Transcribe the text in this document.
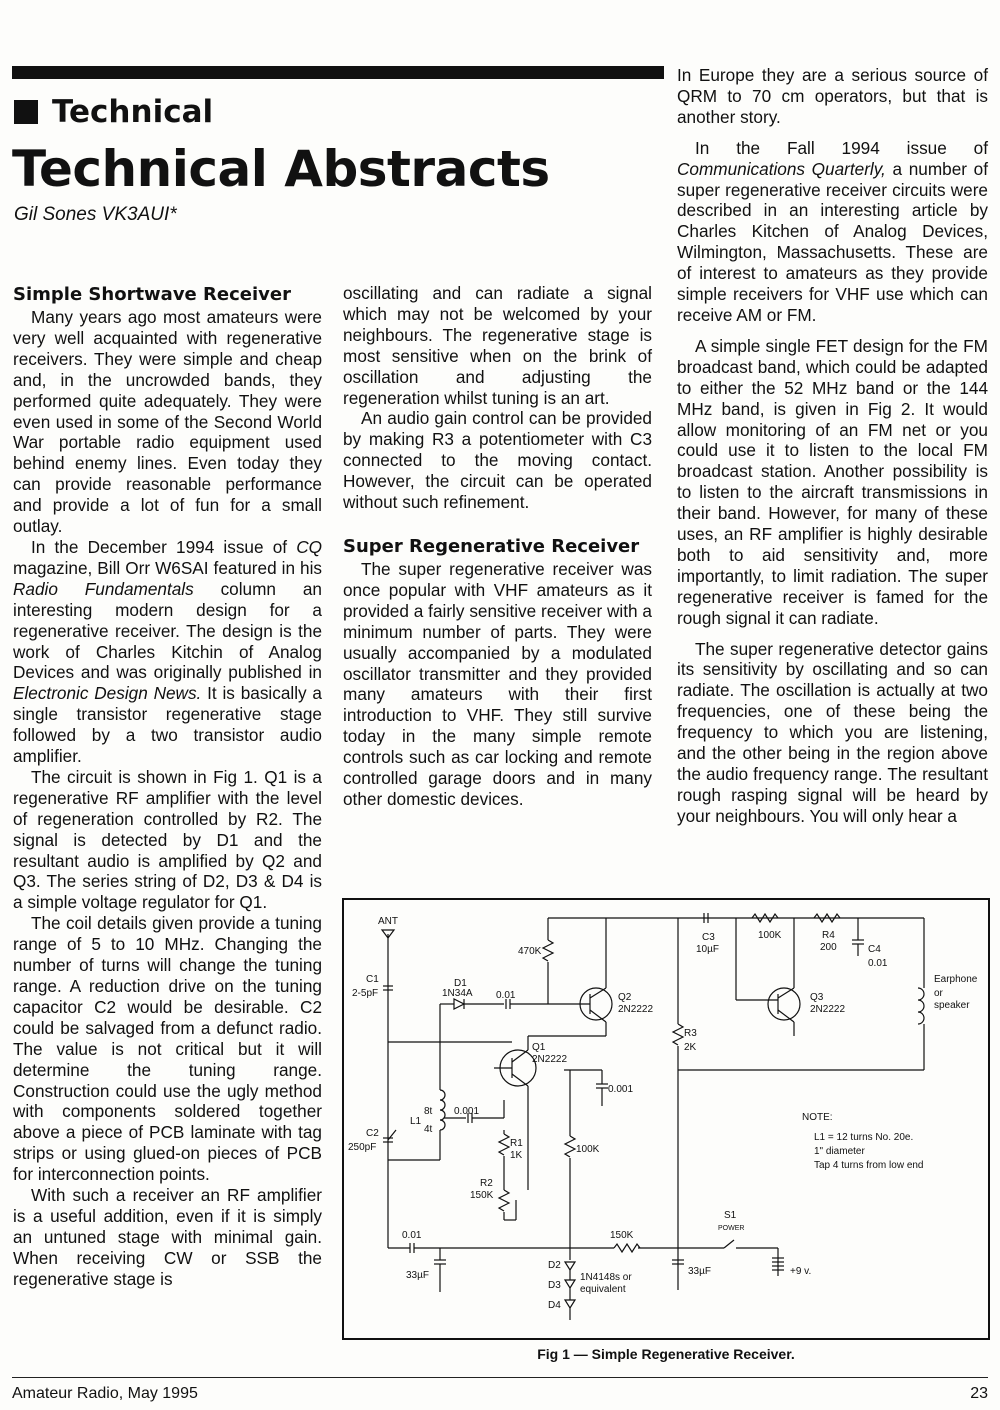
Technical
Technical Abstracts
Gil Sones VK3AUI*
Simple Shortwave Receiver

Many years ago most amateurs were very well acquainted with regenerative receivers. They were simple and cheap and, in the uncrowded bands, they performed quite adequately. They were even used in some of the Second World War portable radio equipment used behind enemy lines. Even today they can provide reasonable performance and provide a lot of fun for a small outlay.

In the December 1994 issue of CQ magazine, Bill Orr W6SAI featured in his Radio Fundamentals column an interesting modern design for a regenerative receiver. The design is the work of Charles Kitchin of Analog Devices and was originally published in Electronic Design News. It is basically a single transistor regenerative stage followed by a two transistor audio amplifier.

The circuit is shown in Fig 1. Q1 is a regenerative RF amplifier with the level of regeneration controlled by R2. The signal is detected by D1 and the resultant audio is amplified by Q2 and Q3. The series string of D2, D3 & D4 is a simple voltage regulator for Q1.

The coil details given provide a tuning range of 5 to 10 MHz. Changing the number of turns will change the tuning range. A reduction drive on the tuning capacitor C2 would be desirable. C2 could be salvaged from a defunct radio. The value is not critical but it will determine the tuning range. Construction could use the ugly method with components soldered together above a piece of PCB laminate with tag strips or using glued-on pieces of PCB for interconnection points.

With such a receiver an RF amplifier is a useful addition, even if it is simply an untuned stage with minimal gain. When receiving CW or SSB the regenerative stage is

oscillating and can radiate a signal which may not be welcomed by your neighbours. The regenerative stage is most sensitive when on the brink of oscillation and adjusting the regeneration whilst tuning is an art.

An audio gain control can be provided by making R3 a potentiometer with C3 connected to the moving contact. However, the circuit can be operated without such refinement.

Super Regenerative Receiver

The super regenerative receiver was once popular with VHF amateurs as it provided a fairly sensitive receiver with a minimum number of parts. They were usually accompanied by a modulated oscillator transmitter and they provided many amateurs with their first introduction to VHF. They still survive today in the many simple remote controls such as car locking and remote controlled garage doors and in many other domestic devices.

In Europe they are a serious source of QRM to 70 cm operators, but that is another story.

In the Fall 1994 issue of Communications Quarterly, a number of super regenerative receiver circuits were described in an interesting article by Charles Kitchen of Analog Devices, Wilmington, Massachusetts. These are of interest to amateurs as they provide simple receivers for VHF use which can receive AM or FM.

A simple single FET design for the FM broadcast band, which could be adapted to either the 52 MHz band or the 144 MHz band, is given in Fig 2. It would allow monitoring of an FM net or you could use it to listen to the local FM broadcast station. Another possibility is to listen to the aircraft transmissions in their band. However, for many of these uses, an RF amplifier is highly desirable both to aid sensitivity and, more importantly, to limit radiation. The super regenerative receiver is famed for the rough signal it can radiate.

The super regenerative detector gains its sensitivity by oscillating and so can radiate. The oscillation is actually at two frequencies, one of these being the frequency to which you are listening, and the other being in the region above the audio frequency range. The resultant rough rasping signal will be heard by your neighbours. You will only hear a

ANT
C1
2-5pF
C2
250pF
D1
1N34A 0.01
470K
Q2
2N2222
C3
10µF
100K	R4
200	C4
0.01
Earphone
or
speaker
Q3
2N2222
R3
2K
Q1
2N2222
0.001
0.001
L1
8t
4t
R1
1K
100K
R2
150K
0.01
33µF
150K
D2
D3
D4
1N4148s or
equivalent
33µF
S1
POWER
+9 v.
NOTE:
L1 = 12 turns No. 20e.
1" diameter
Tap 4 turns from low end
Fig 1 — Simple Regenerative Receiver.
Amateur Radio, May 1995	23
